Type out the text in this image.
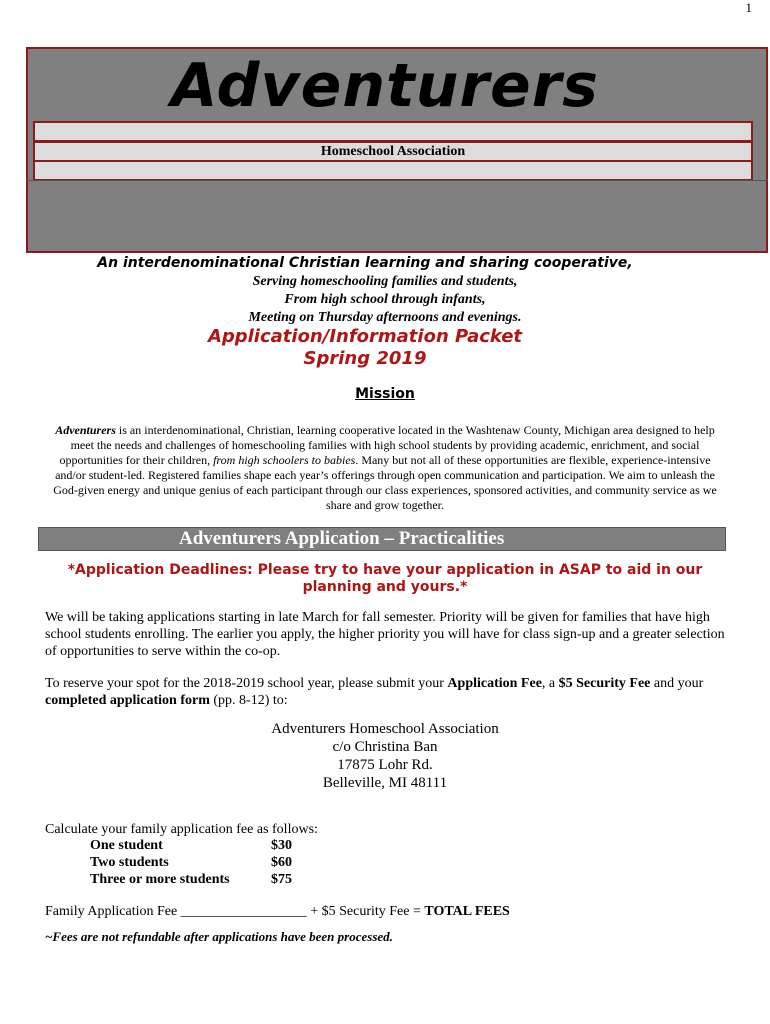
1
Adventurers
Homeschool Association
An interdenominational Christian learning and sharing cooperative,
Serving homeschooling families and students,
From high school through infants,
Meeting on Thursday afternoons and evenings.
Application/Information Packet
Spring 2019
Mission
Adventurers is an interdenominational, Christian, learning cooperative located in the Washtenaw County, Michigan area designed to help meet the needs and challenges of homeschooling families with high school students by providing academic, enrichment, and social opportunities for their children, from high schoolers to babies. Many but not all of these opportunities are flexible, experience-intensive and/or student-led. Registered families shape each year’s offerings through open communication and participation. We aim to unleash the God-given energy and unique genius of each participant through our class experiences, sponsored activities, and community service as we share and grow together.
Adventurers Application – Practicalities
*Application Deadlines: Please try to have your application in ASAP to aid in our planning and yours.*
We will be taking applications starting in late March for fall semester. Priority will be given for families that have high school students enrolling. The earlier you apply, the higher priority you will have for class sign-up and a greater selection of opportunities to serve within the co-op.
To reserve your spot for the 2018-2019 school year, please submit your Application Fee, a $5 Security Fee and your completed application form (pp. 8-12) to:
Adventurers Homeschool Association
c/o Christina Ban
17875 Lohr Rd.
Belleville, MI 48111
Calculate your family application fee as follows:
One student	$30
Two students	$60
Three or more students	$75
Family Application Fee __________________ + $5 Security Fee = TOTAL FEES
~Fees are not refundable after applications have been processed.
